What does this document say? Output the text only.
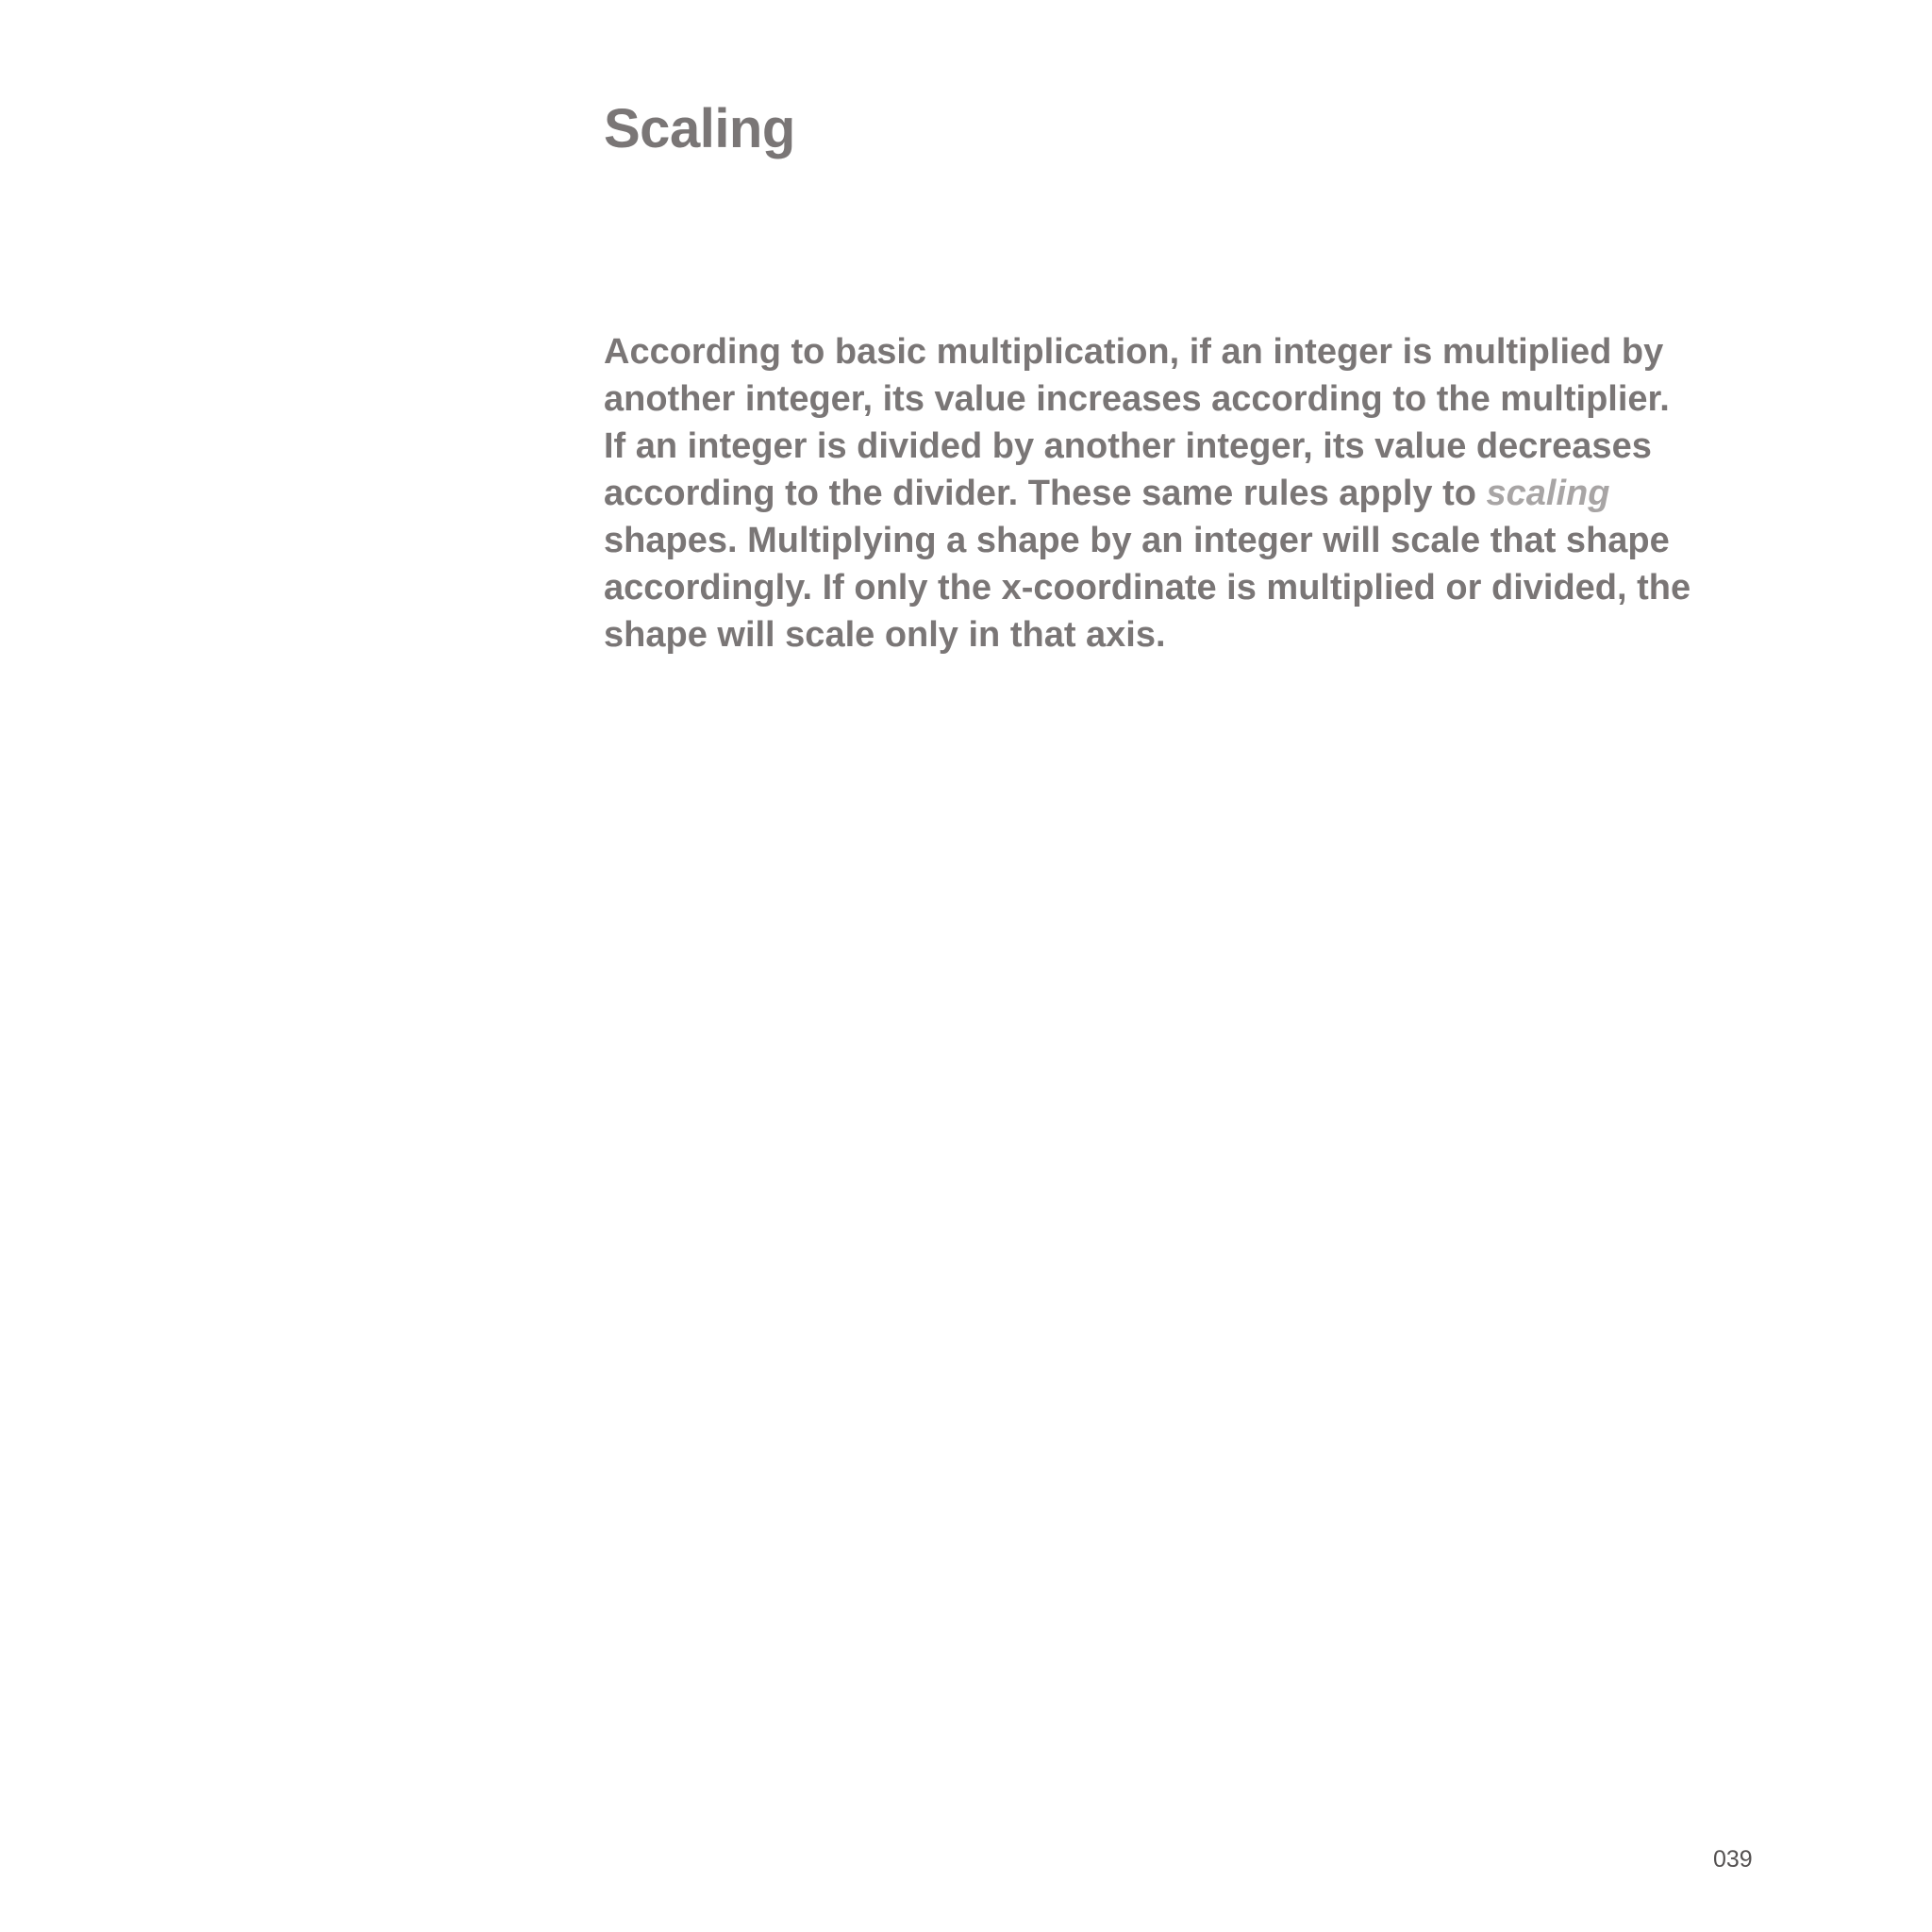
Scaling

According to basic multiplication, if an integer is multiplied by
another integer, its value increases according to the multiplier.
If an integer is divided by another integer, its value decreases
according to the divider. These same rules apply to scaling
shapes. Multiplying a shape by an integer will scale that shape
accordingly. If only the x-coordinate is multiplied or divided, the
shape will scale only in that axis.

039
